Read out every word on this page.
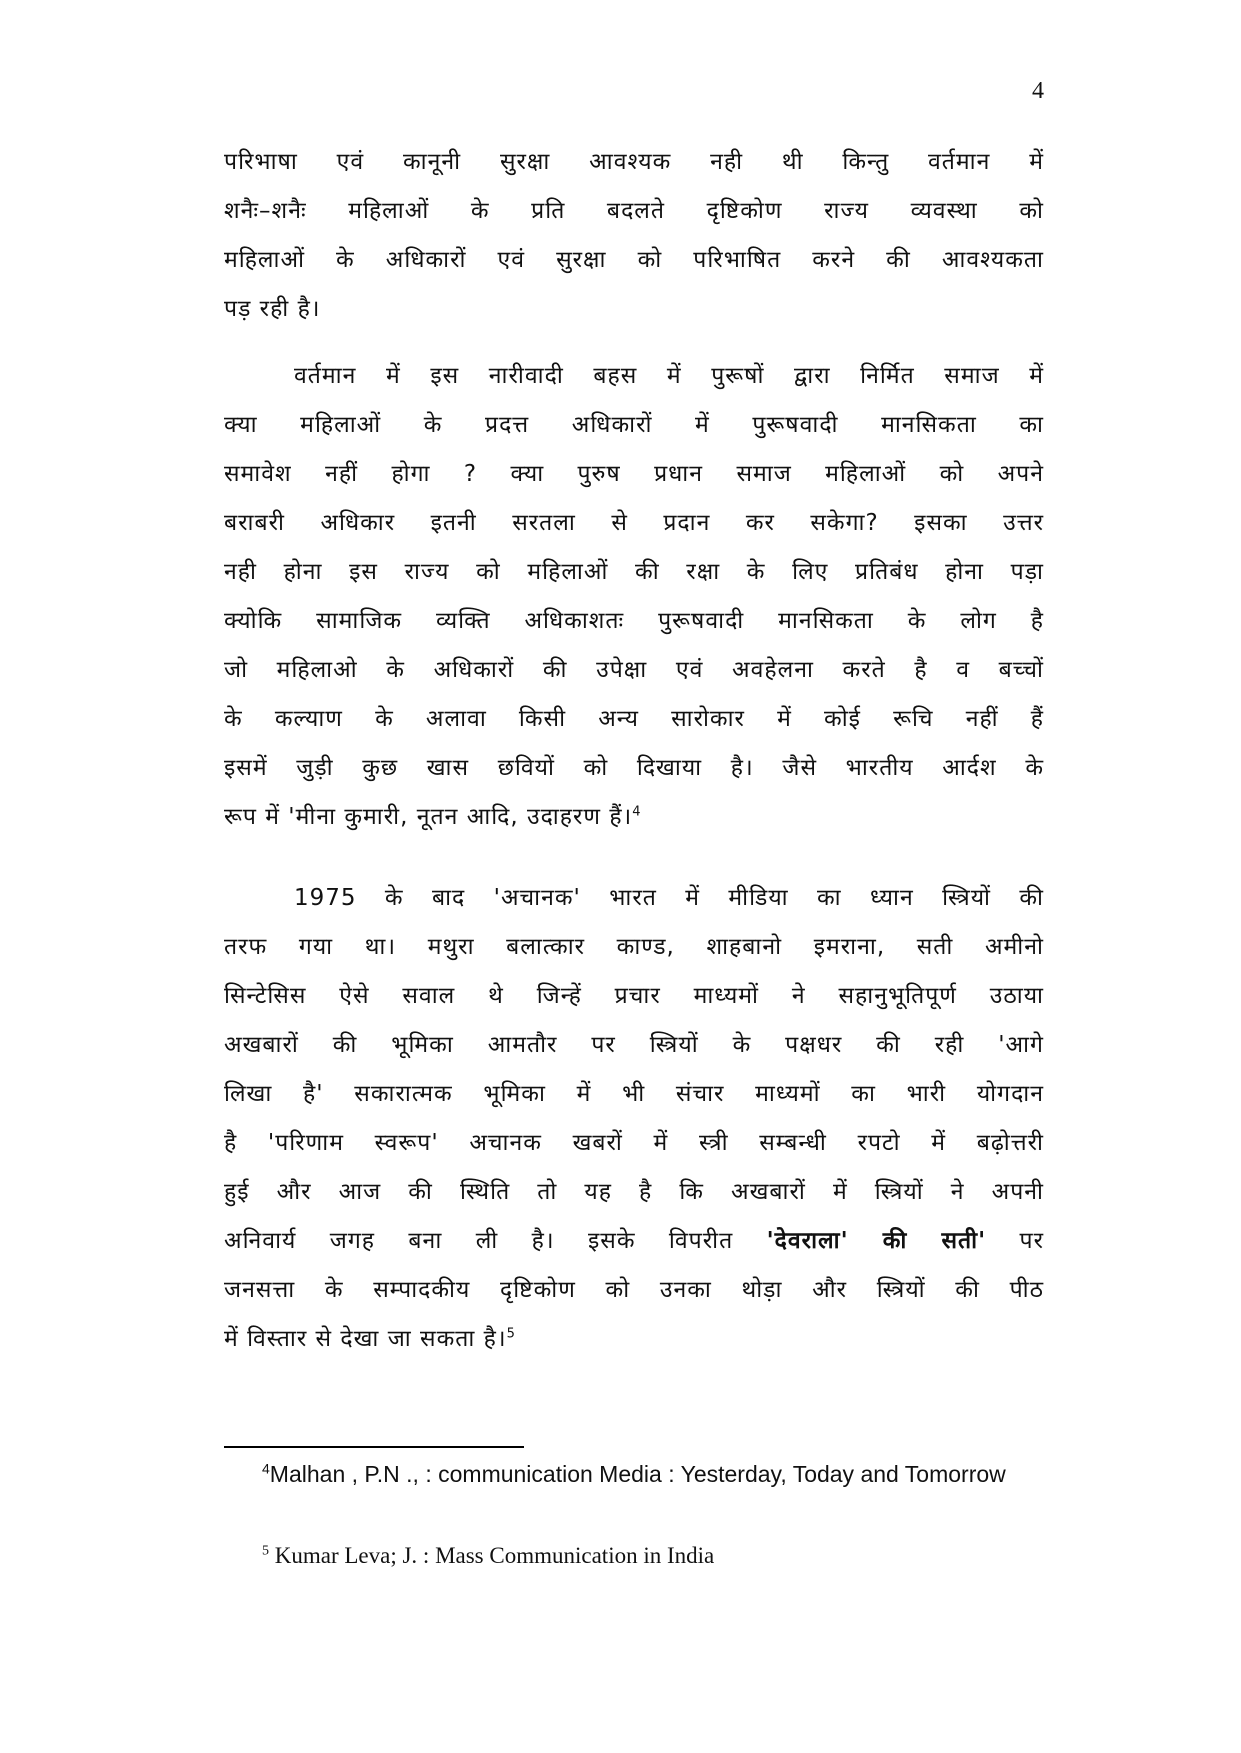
4

परिभाषा एवं कानूनी सुरक्षा आवश्यक नही थी किन्तु वर्तमान में
शनैः–शनैः महिलाओं के प्रति बदलते दृष्टिकोण राज्य व्यवस्था को
महिलाओं के अधिकारों एवं सुरक्षा को परिभाषित करने की आवश्यकता
पड़ रही है।

वर्तमान में इस नारीवादी बहस में पुरूषों द्वारा निर्मित समाज में
क्या महिलाओं के प्रदत्त अधिकारों में पुरूषवादी मानसिकता का
समावेश नहीं होगा ? क्या पुरुष प्रधान समाज महिलाओं को अपने
बराबरी अधिकार इतनी सरतला से प्रदान कर सकेगा? इसका उत्तर
नही होना इस राज्य को महिलाओं की रक्षा के लिए प्रतिबंध होना पड़ा
क्योकि सामाजिक व्यक्ति अधिकाशतः पुरूषवादी मानसिकता के लोग है
जो महिलाओ के अधिकारों की उपेक्षा एवं अवहेलना करते है व बच्चों
के कल्याण के अलावा किसी अन्य सारोकार में कोई रूचि नहीं हैं
इसमें जुड़ी कुछ खास छवियों को दिखाया है। जैसे भारतीय आर्दश के
रूप में 'मीना कुमारी, नूतन आदि, उदाहरण हैं।$^4$

1975 के बाद 'अचानक' भारत में मीडिया का ध्यान स्त्रियों की
तरफ गया था। मथुरा बलात्कार काण्ड, शाहबानो इमराना, सती अमीनो
सिन्टेसिस ऐसे सवाल थे जिन्हें प्रचार माध्यमों ने सहानुभूतिपूर्ण उठाया
अखबारों की भूमिका आमतौर पर स्त्रियों के पक्षधर की रही 'आगे
लिखा है' सकारात्मक भूमिका में भी संचार माध्यमों का भारी योगदान
है 'परिणाम स्वरूप' अचानक खबरों में स्त्री सम्बन्धी रपटो में बढ़ोत्तरी
हुई और आज की स्थिति तो यह है कि अखबारों में स्त्रियों ने अपनी
अनिवार्य जगह बना ली है। इसके विपरीत 'देवराला' की सती' पर
जनसत्ता के सम्पादकीय दृष्टिकोण को उनका थोड़ा और स्त्रियों की पीठ
में विस्तार से देखा जा सकता है।$^5$

$^4$Malhan , P.N ., : communication Media : Yesterday, Today and Tomorrow
$^5$ Kumar Leva; J. : Mass Communication in India
